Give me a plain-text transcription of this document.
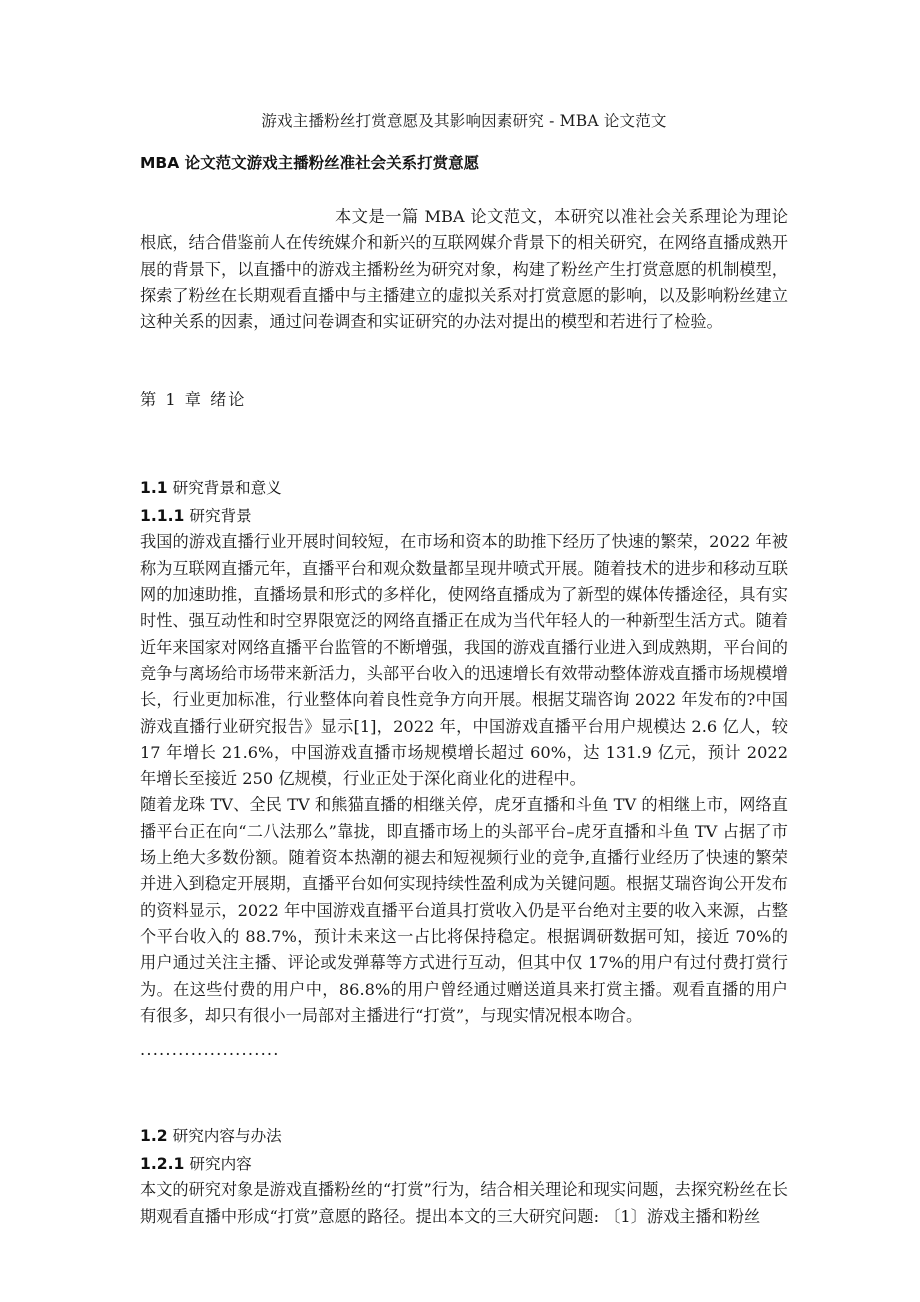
游戏主播粉丝打赏意愿及其影响因素研究 - MBA 论文范文
MBA 论文范文游戏主播粉丝准社会关系打赏意愿

本文是一篇 MBA 论文范文，本研究以准社会关系理论为理论根底，结合借鉴前人在传统媒介和新兴的互联网媒介背景下的相关研究，在网络直播成熟开展的背景下，以直播中的游戏主播粉丝为研究对象，构建了粉丝产生打赏意愿的机制模型，探索了粉丝在长期观看直播中与主播建立的虚拟关系对打赏意愿的影响，以及影响粉丝建立这种关系的因素，通过问卷调查和实证研究的办法对提出的模型和若进行了检验。

第 1 章 绪论
1.1 研究背景和意义
1.1.1 研究背景

我国的游戏直播行业开展时间较短，在市场和资本的助推下经历了快速的繁荣，2022 年被称为互联网直播元年，直播平台和观众数量都呈现井喷式开展。随着技术的进步和移动互联网的加速助推，直播场景和形式的多样化，使网络直播成为了新型的媒体传播途径，具有实时性、强互动性和时空界限宽泛的网络直播正在成为当代年轻人的一种新型生活方式。随着近年来国家对网络直播平台监管的不断增强，我国的游戏直播行业进入到成熟期，平台间的竞争与离场给市场带来新活力，头部平台收入的迅速增长有效带动整体游戏直播市场规模增长，行业更加标准，行业整体向着良性竞争方向开展。根据艾瑞咨询 2022 年发布的?中国游戏直播行业研究报告》显示[1]，2022 年，中国游戏直播平台用户规模达 2.6 亿人，较 17 年增长 21.6%，中国游戏直播市场规模增长超过 60%，达 131.9 亿元，预计 2022 年增长至接近 250 亿规模，行业正处于深化商业化的进程中。

随着龙珠 TV、全民 TV 和熊猫直播的相继关停，虎牙直播和斗鱼 TV 的相继上市，网络直播平台正在向“二八法那么”靠拢，即直播市场上的头部平台–虎牙直播和斗鱼 TV 占据了市场上绝大多数份额。随着资本热潮的褪去和短视频行业的竞争,直播行业经历了快速的繁荣并进入到稳定开展期，直播平台如何实现持续性盈利成为关键问题。根据艾瑞咨询公开发布的资料显示，2022 年中国游戏直播平台道具打赏收入仍是平台绝对主要的收入来源，占整个平台收入的 88.7%，预计未来这一占比将保持稳定。根据调研数据可知，接近 70%的用户通过关注主播、评论或发弹幕等方式进行互动，但其中仅 17%的用户有过付费打赏行为。在这些付费的用户中，86.8%的用户曾经通过赠送道具来打赏主播。观看直播的用户有很多，却只有很小一局部对主播进行“打赏”，与现实情况根本吻合。

......................
1.2 研究内容与办法
1.2.1 研究内容

本文的研究对象是游戏直播粉丝的“打赏”行为，结合相关理论和现实问题，去探究粉丝在长期观看直播中形成“打赏”意愿的路径。提出本文的三大研究问题: 〔1〕游戏主播和粉丝
